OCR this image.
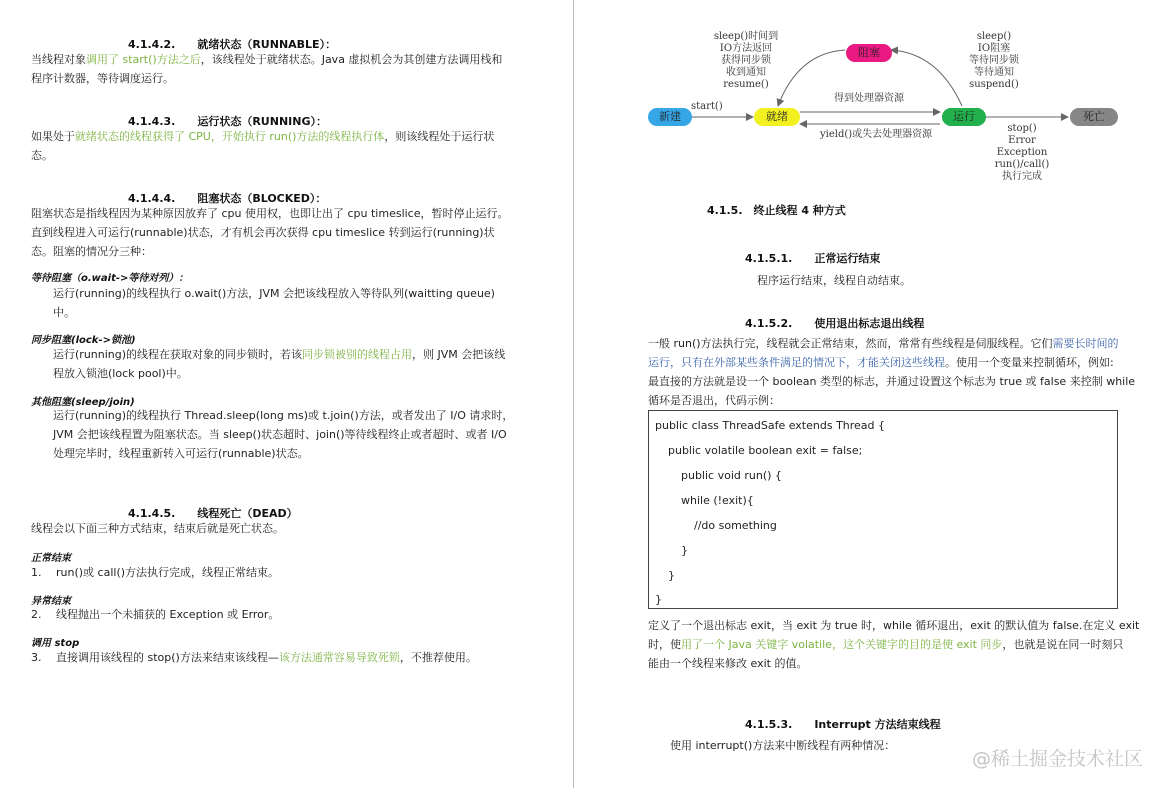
4.1.4.2.　　就绪状态（RUNNABLE）：
当线程对象调用了 start()方法之后，该线程处于就绪状态。Java 虚拟机会为其创建方法调用栈和
程序计数器，等待调度运行。
4.1.4.3.　　运行状态（RUNNING）：
如果处于就绪状态的线程获得了 CPU，开始执行 run()方法的线程执行体，则该线程处于运行状
态。
4.1.4.4.　　阻塞状态（BLOCKED）：
阻塞状态是指线程因为某种原因放弃了 cpu 使用权，也即让出了 cpu timeslice，暂时停止运行。
直到线程进入可运行(runnable)状态，才有机会再次获得 cpu timeslice 转到运行(running)状
态。阻塞的情况分三种：
等待阻塞（o.wait->等待对列）：
运行(running)的线程执行 o.wait()方法，JVM 会把该线程放入等待队列(waitting queue)
中。
同步阻塞(lock->锁池)
运行(running)的线程在获取对象的同步锁时，若该同步锁被别的线程占用，则 JVM 会把该线
程放入锁池(lock pool)中。
其他阻塞(sleep/join)
运行(running)的线程执行 Thread.sleep(long ms)或 t.join()方法，或者发出了 I/O 请求时，
JVM 会把该线程置为阻塞状态。当 sleep()状态超时、join()等待线程终止或者超时、或者 I/O
处理完毕时，线程重新转入可运行(runnable)状态。
4.1.4.5.　　线程死亡（DEAD）
线程会以下面三种方式结束，结束后就是死亡状态。
正常结束
1.　 run()或 call()方法执行完成，线程正常结束。
异常结束
2.　 线程抛出一个未捕获的 Exception 或 Error。
调用 stop
3.　 直接调用该线程的 stop()方法来结束该线程—该方法通常容易导致死锁，不推荐使用。
新建	就绪	运行
阻塞
死亡
sleep()时间到
IO方法返回
获得同步锁
收到通知
resume()
sleep()
IO阻塞
等待同步锁
等待通知
suspend()
start()
得到处理器资源
yield()或失去处理器资源
stop()
Error
Exception
run()/call()
执行完成
4.1.5.　终止线程 4 种方式
4.1.5.1.　　正常运行结束
程序运行结束，线程自动结束。
4.1.5.2.　　使用退出标志退出线程
一般 run()方法执行完，线程就会正常结束，然而，常常有些线程是伺服线程。它们需要长时间的
运行，只有在外部某些条件满足的情况下，才能关闭这些线程。使用一个变量来控制循环，例如:
最直接的方法就是设一个 boolean 类型的标志，并通过设置这个标志为 true 或 false 来控制 while
循环是否退出，代码示例：
public class ThreadSafe extends Thread {
public volatile boolean exit = false;
public void run() {
while (!exit){
//do something
}
}
}
定义了一个退出标志 exit，当 exit 为 true 时，while 循环退出，exit 的默认值为 false.在定义 exit
时，使用了一个 Java 关键字 volatile，这个关键字的目的是使 exit 同步，也就是说在同一时刻只
能由一个线程来修改 exit 的值。
4.1.5.3.　　Interrupt 方法结束线程
使用 interrupt()方法来中断线程有两种情况：
@稀土掘金技术社区
